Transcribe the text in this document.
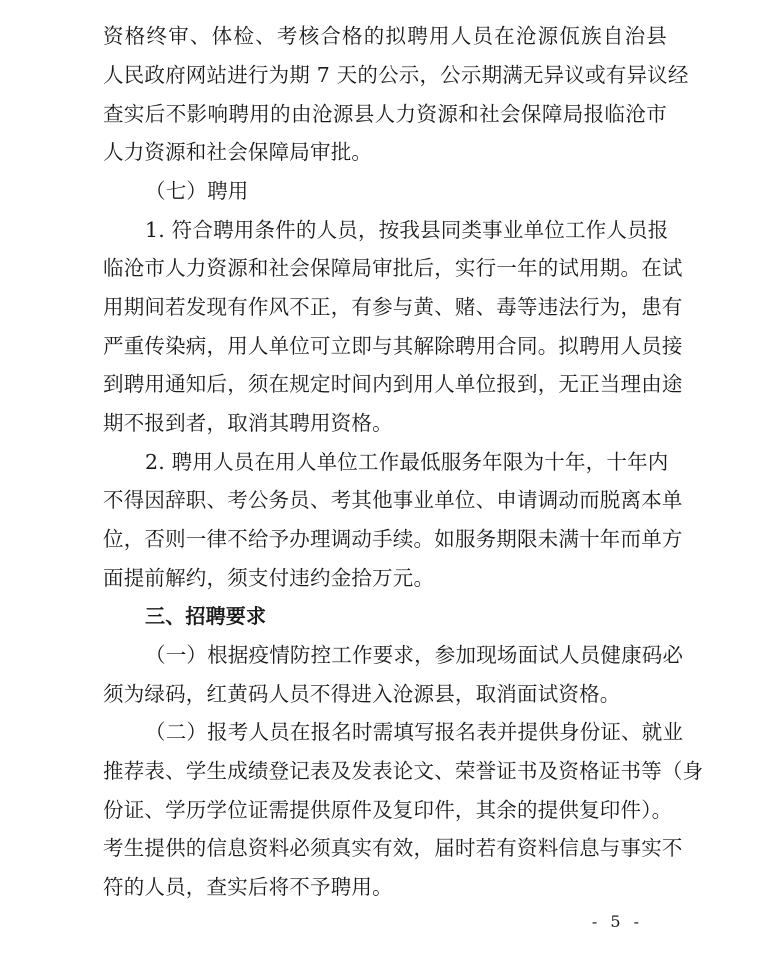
资格终审、体检、考核合格的拟聘用人员在沧源佤族自治县
人民政府网站进行为期 7 天的公示，公示期满无异议或有异议经
查实后不影响聘用的由沧源县人力资源和社会保障局报临沧市
人力资源和社会保障局审批。
（七）聘用
1. 符合聘用条件的人员，按我县同类事业单位工作人员报
临沧市人力资源和社会保障局审批后，实行一年的试用期。在试
用期间若发现有作风不正，有参与黄、赌、毒等违法行为，患有
严重传染病，用人单位可立即与其解除聘用合同。拟聘用人员接
到聘用通知后，须在规定时间内到用人单位报到，无正当理由途
期不报到者，取消其聘用资格。
2. 聘用人员在用人单位工作最低服务年限为十年，十年内
不得因辞职、考公务员、考其他事业单位、申请调动而脱离本单
位，否则一律不给予办理调动手续。如服务期限未满十年而单方
面提前解约，须支付违约金拾万元。
三、招聘要求
（一）根据疫情防控工作要求，参加现场面试人员健康码必
须为绿码，红黄码人员不得进入沧源县，取消面试资格。
（二）报考人员在报名时需填写报名表并提供身份证、就业
推荐表、学生成绩登记表及发表论文、荣誉证书及资格证书等（身
份证、学历学位证需提供原件及复印件，其余的提供复印件）。
考生提供的信息资料必须真实有效，届时若有资料信息与事实不
符的人员，查实后将不予聘用。
- 5 -
